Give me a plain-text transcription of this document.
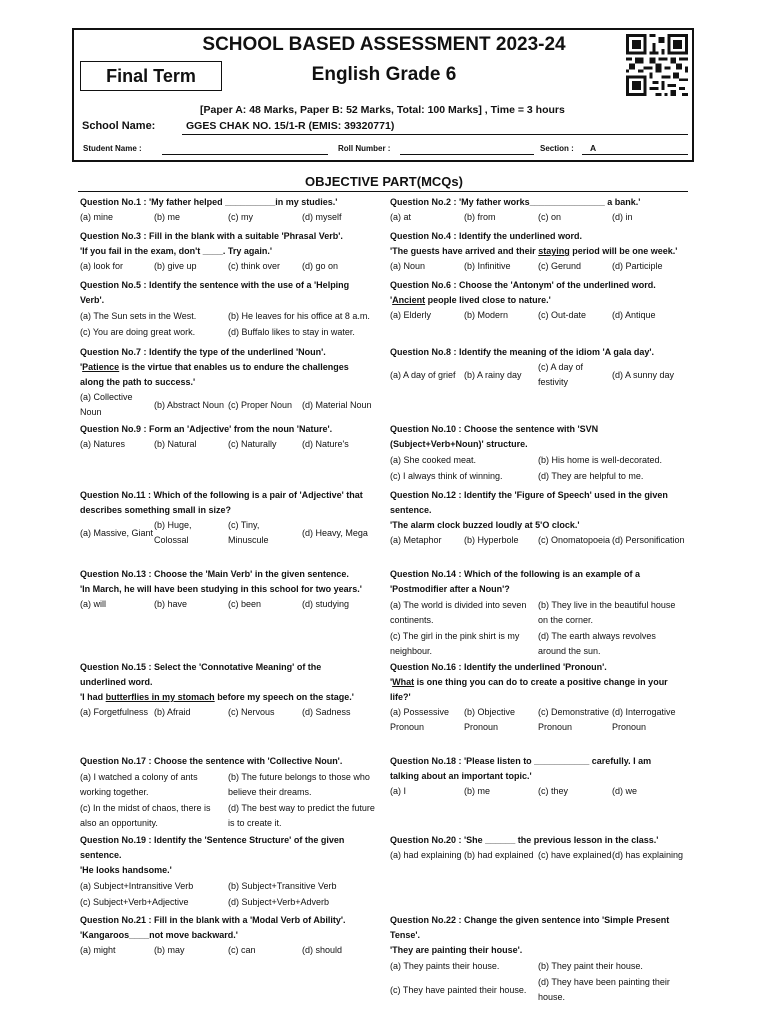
SCHOOL BASED ASSESSMENT 2023-24
English Grade 6
Final Term
[Paper A: 48 Marks, Paper B: 52 Marks, Total: 100 Marks] , Time = 3 hours
School Name:	GGES CHAK NO. 15/1-R (EMIS: 39320771)
Student Name :	Roll Number :	Section : A
OBJECTIVE PART(MCQs)
Question No.1 : 'My father helped __________in my studies.'
(a) mine	(b) me	(c) my	(d) myself
Question No.2 : 'My father works_______________ a bank.'
(a) at	(b) from	(c) on	(d) in
Question No.3 : Fill in the blank with a suitable 'Phrasal Verb'.
'If you fail in the exam, don't ____. Try again.'
(a) look for	(b) give up	(c) think over	(d) go on
Question No.4 : Identify the underlined word.
'The guests have arrived and their staying period will be one week.'
(a) Noun	(b) Infinitive	(c) Gerund	(d) Participle
Question No.5 : Identify the sentence with the use of a 'Helping
Verb'.
(a) The Sun sets in the West.	(b) He leaves for his office at 8 a.m.
(c) You are doing great work.	(d) Buffalo likes to stay in water.
Question No.6 : Choose the 'Antonym' of the underlined word.
'Ancient people lived close to nature.'
(a) Elderly	(b) Modern	(c) Out-date	(d) Antique
Question No.7 : Identify the type of the underlined 'Noun'.
'Patience is the virtue that enables us to endure the challenges
along the path to success.'
(a) Collective Noun
(b) Abstract Noun (c) Proper Noun	(d) Material Noun
Question No.8 : Identify the meaning of the idiom 'A gala day'.
(a) A day of grief (b) A rainy day
(c) A day of festivity
(d) A sunny day
Question No.9 : Form an 'Adjective' from the noun 'Nature'.
(a) Natures	(b) Natural	(c) Naturally	(d) Nature's
Question No.10 : Choose the sentence with 'SVN
(Subject+Verb+Noun)' structure.
(a) She cooked meat.	(b) His home is well-decorated.
(c) I always think of winning.	(d) They are helpful to me.
Question No.11 : Which of the following is a pair of 'Adjective' that
describes something small in size?
(a) Massive, Giant
(b) Huge, Colossal
(c) Tiny, Minuscule
(d) Heavy, Mega
Question No.12 : Identify the 'Figure of Speech' used in the given
sentence.
'The alarm clock buzzed loudly at 5'O clock.'
(a) Metaphor	(b) Hyperbole	(c) Onomatopoeia (d) Personification
Question No.13 : Choose the 'Main Verb' in the given sentence.
'In March, he will have been studying in this school for two years.'
(a) will	(b) have	(c) been	(d) studying
Question No.14 : Which of the following is an example of a
'Postmodifier after a Noun'?
(a) The world is divided into seven continents.
(b) They live in the beautiful house on the corner.
(c) The girl in the pink shirt is my neighbour.
(d) The earth always revolves around the sun.
Question No.15 : Select the 'Connotative Meaning' of the
underlined word.
'I had butterflies in my stomach before my speech on the stage.'
(a) Forgetfulness (b) Afraid	(c) Nervous	(d) Sadness
Question No.16 : Identify the underlined 'Pronoun'.
'What is one thing you can do to create a positive change in your
life?'
(a) Possessive Pronoun
(b) Objective Pronoun
(c) Demonstrative Pronoun
(d) Interrogative Pronoun
Question No.17 : Choose the sentence with 'Collective Noun'.
(a) I watched a colony of ants working together.
(b) The future belongs to those who believe their dreams.
(c) In the midst of chaos, there is also an opportunity.
(d) The best way to predict the future is to create it.
Question No.18 : 'Please listen to ___________ carefully. I am
talking about an important topic.'
(a) I	(b) me	(c) they	(d) we
Question No.19 : Identify the 'Sentence Structure' of the given
sentence.
'He looks handsome.'
(a) Subject+Intransitive Verb	(b) Subject+Transitive Verb
(c) Subject+Verb+Adjective	(d) Subject+Verb+Adverb
Question No.20 : 'She ______ the previous lesson in the class.'
(a) had explaining (b) had explained (c) have explained (d) has explaining
Question No.21 : Fill in the blank with a 'Modal Verb of Ability'.
'Kangaroos____not move backward.'
(a) might	(b) may	(c) can	(d) should
Question No.22 : Change the given sentence into 'Simple Present
Tense'.
'They are painting their house'.
(a) They paints their house.	(b) They paint their house.
(c) They have painted their house.
(d) They have been painting their house.
